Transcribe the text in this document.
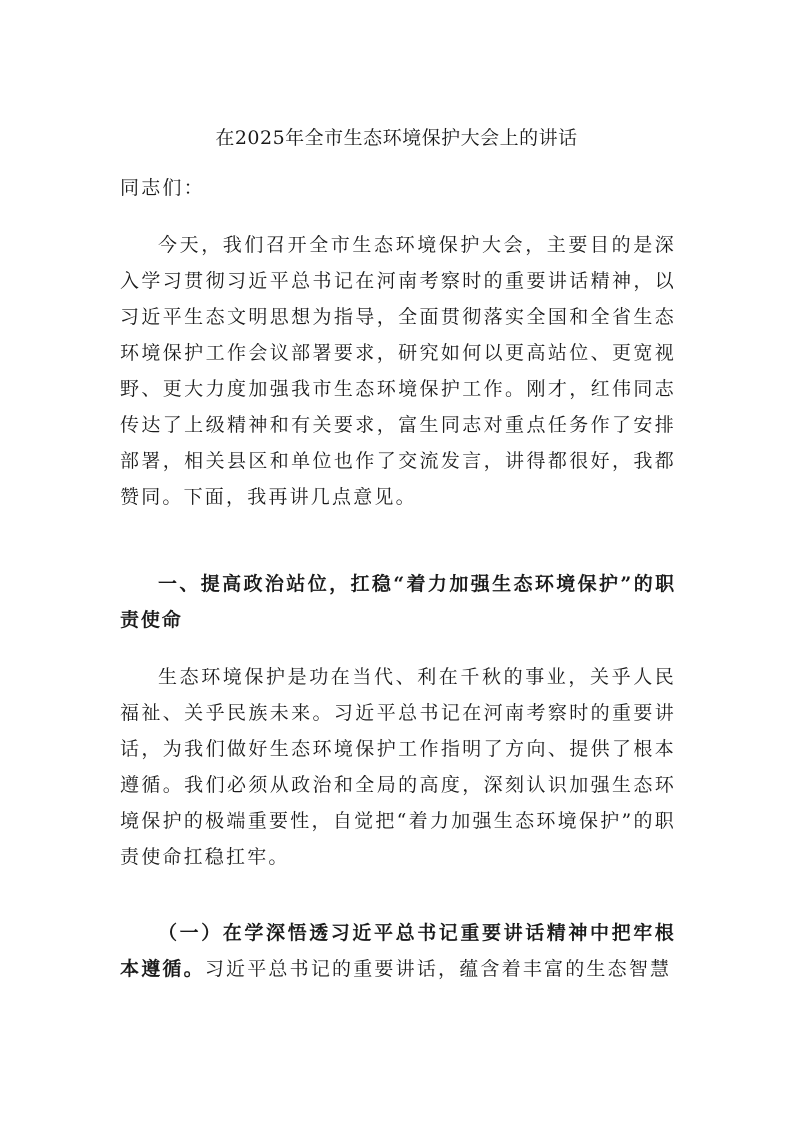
在2025年全市生态环境保护大会上的讲话
同志们：

今天，我们召开全市生态环境保护大会，主要目的是深入学习贯彻习近平总书记在河南考察时的重要讲话精神，以习近平生态文明思想为指导，全面贯彻落实全国和全省生态环境保护工作会议部署要求，研究如何以更高站位、更宽视野、更大力度加强我市生态环境保护工作。刚才，红伟同志传达了上级精神和有关要求，富生同志对重点任务作了安排部署，相关县区和单位也作了交流发言，讲得都很好，我都赞同。下面，我再讲几点意见。

一、提高政治站位，扛稳“着力加强生态环境保护”的职责使命

生态环境保护是功在当代、利在千秋的事业，关乎人民福祉、关乎民族未来。习近平总书记在河南考察时的重要讲话，为我们做好生态环境保护工作指明了方向、提供了根本遵循。我们必须从政治和全局的高度，深刻认识加强生态环境保护的极端重要性，自觉把“着力加强生态环境保护”的职责使命扛稳扛牢。

（一）在学深悟透习近平总书记重要讲话精神中把牢根本遵循。习近平总书记的重要讲话，蕴含着丰富的生态智慧
